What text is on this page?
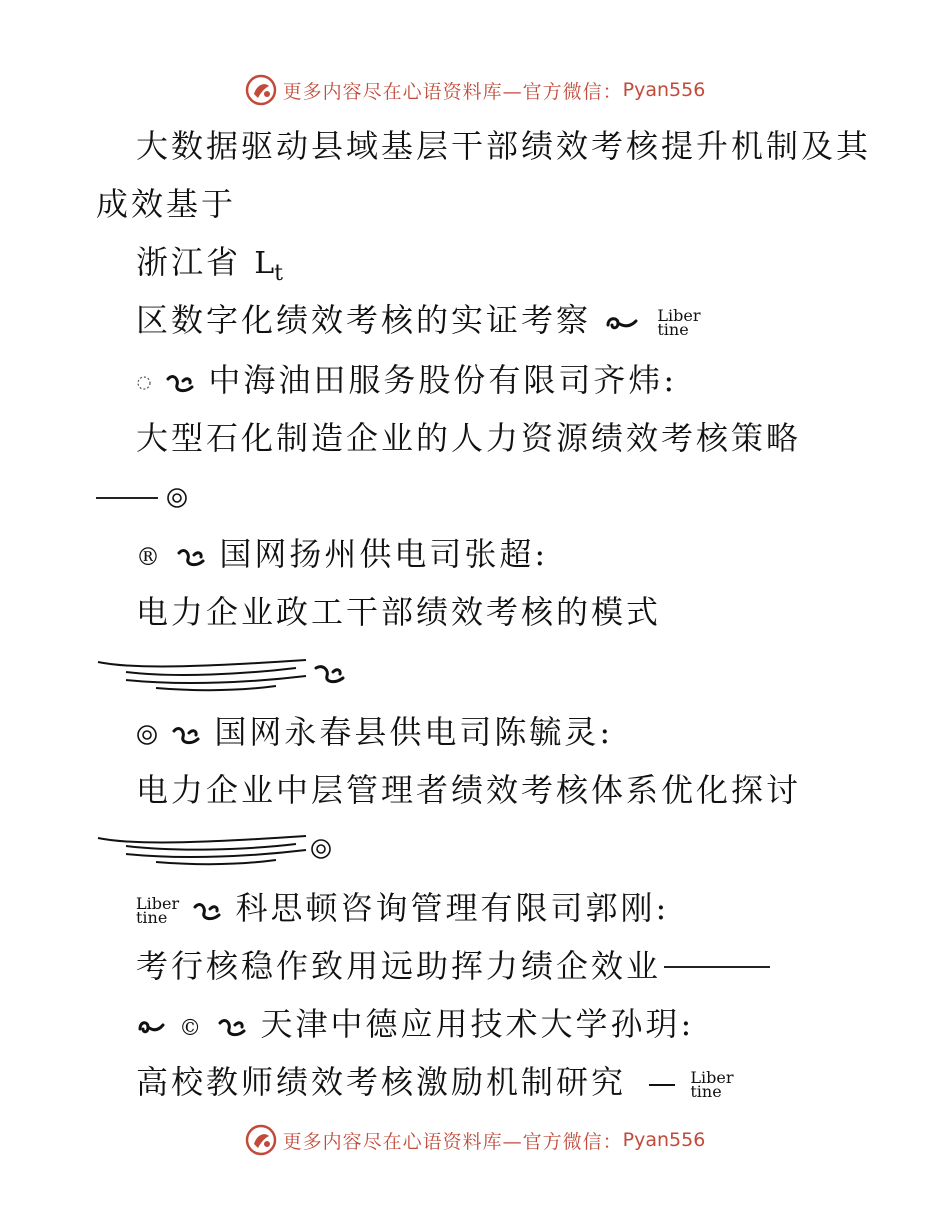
更多内容尽在心语资料库—官方微信： Pyan556
大数据驱动县域基层干部绩效考核提升机制及其
成效基于
浙江省 $L_t$
区数字化绩效考核的实证考察	Liber
tine
中海油田服务股份有限司齐炜:
大型石化制造企业的人力资源绩效考核策略
® 国网扬州供电司张超:
电力企业政工干部绩效考核的模式
国网永春县供电司陈毓灵:
电力企业中层管理者绩效考核体系优化探讨
Liber
tine	科思顿咨询管理有限司郭刚:
考行核稳作致用远助挥力绩企效业
© 天津中德应用技术大学孙玥:
高校教师绩效考核激励机制研究	Liber
tine
更多内容尽在心语资料库—官方微信： Pyan556
